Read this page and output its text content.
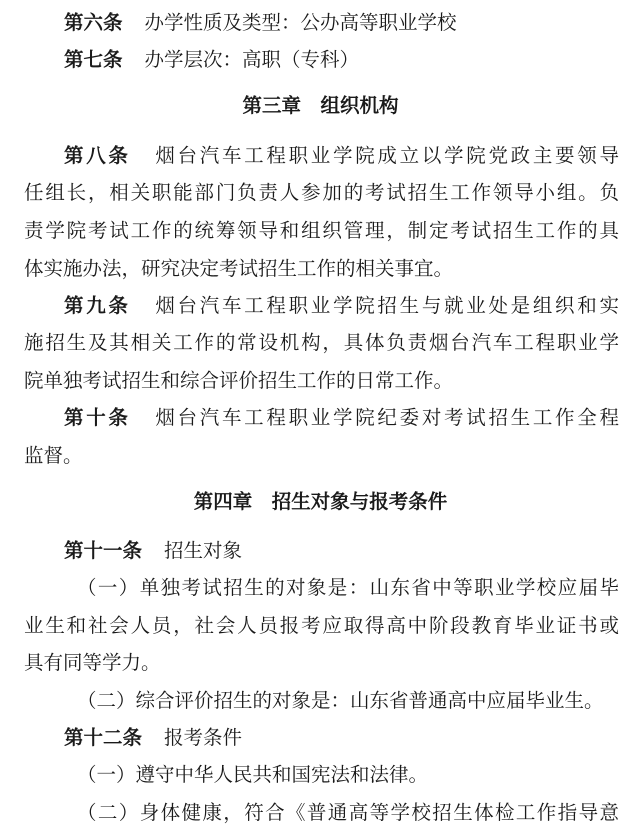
第六条 办学性质及类型：公办高等职业学校
第七条 办学层次：高职（专科）
第三章　组织机构
第八条 烟台汽车工程职业学院成立以学院党政主要领导
任组长，相关职能部门负责人参加的考试招生工作领导小组。负
责学院考试工作的统筹领导和组织管理，制定考试招生工作的具
体实施办法，研究决定考试招生工作的相关事宜。
第九条 烟台汽车工程职业学院招生与就业处是组织和实
施招生及其相关工作的常设机构，具体负责烟台汽车工程职业学
院单独考试招生和综合评价招生工作的日常工作。
第十条 烟台汽车工程职业学院纪委对考试招生工作全程
监督。
第四章　招生对象与报考条件
第十一条 招生对象
（一）单独考试招生的对象是：山东省中等职业学校应届毕
业生和社会人员，社会人员报考应取得高中阶段教育毕业证书或
具有同等学力。
（二）综合评价招生的对象是：山东省普通高中应届毕业生。
第十二条 报考条件
（一）遵守中华人民共和国宪法和法律。
（二）身体健康，符合《普通高等学校招生体检工作指导意
